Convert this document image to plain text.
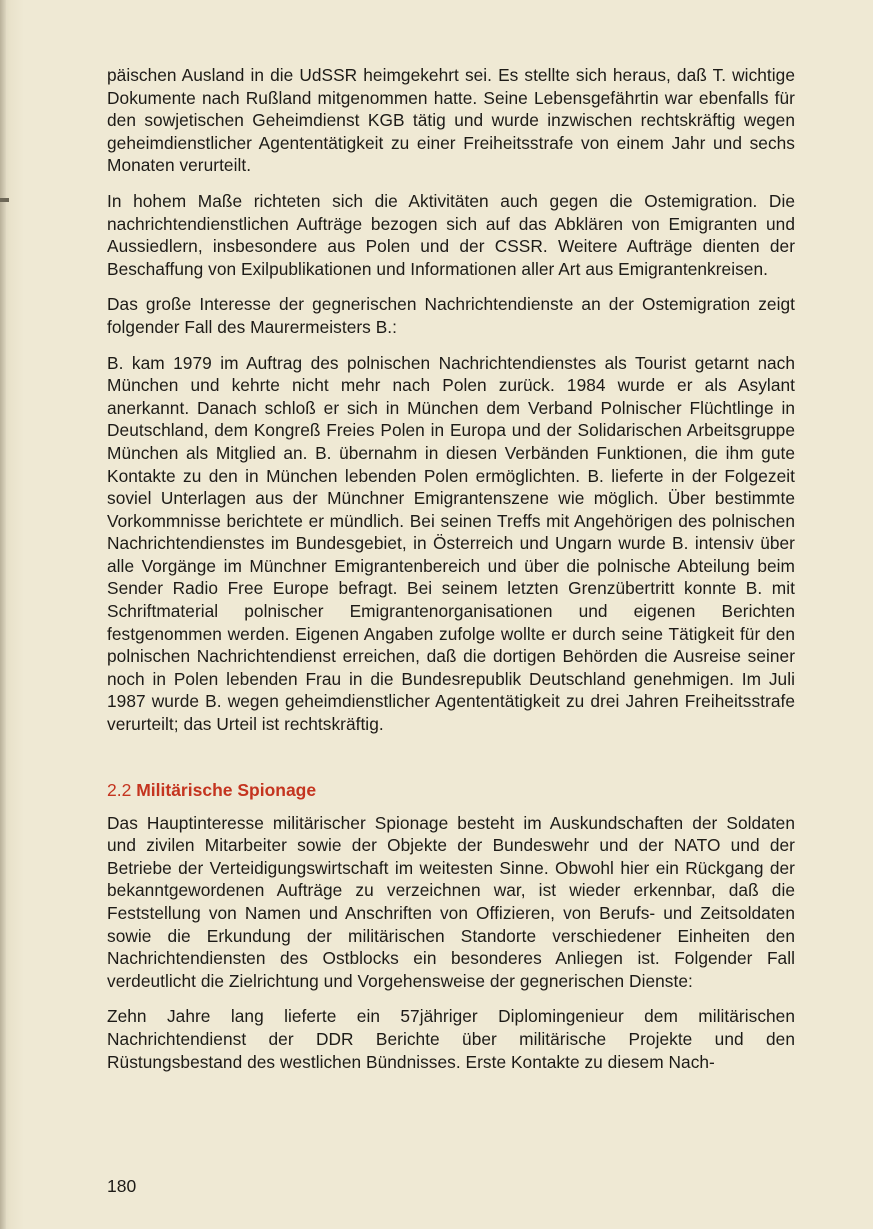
päischen Ausland in die UdSSR heimgekehrt sei. Es stellte sich heraus, daß T. wichtige Dokumente nach Rußland mitgenommen hatte. Seine Lebensgefährtin war ebenfalls für den sowjetischen Geheimdienst KGB tätig und wurde inzwischen rechtskräftig wegen geheimdienstlicher Agententätigkeit zu einer Freiheitsstrafe von einem Jahr und sechs Monaten verurteilt.

In hohem Maße richteten sich die Aktivitäten auch gegen die Ostemigration. Die nachrichtendienstlichen Aufträge bezogen sich auf das Abklären von Emigranten und Aussiedlern, insbesondere aus Polen und der CSSR. Weitere Aufträge dienten der Beschaffung von Exilpublikationen und Informationen aller Art aus Emigrantenkreisen.

Das große Interesse der gegnerischen Nachrichtendienste an der Ostemigration zeigt folgender Fall des Maurermeisters B.:

B. kam 1979 im Auftrag des polnischen Nachrichtendienstes als Tourist getarnt nach München und kehrte nicht mehr nach Polen zurück. 1984 wurde er als Asylant anerkannt. Danach schloß er sich in München dem Verband Polnischer Flüchtlinge in Deutschland, dem Kongreß Freies Polen in Europa und der Solidarischen Arbeitsgruppe München als Mitglied an. B. übernahm in diesen Verbänden Funktionen, die ihm gute Kontakte zu den in München lebenden Polen ermöglichten. B. lieferte in der Folgezeit soviel Unterlagen aus der Münchner Emigrantenszene wie möglich. Über bestimmte Vorkommnisse berichtete er mündlich. Bei seinen Treffs mit Angehörigen des polnischen Nachrichtendienstes im Bundesgebiet, in Österreich und Ungarn wurde B. intensiv über alle Vorgänge im Münchner Emigrantenbereich und über die polnische Abteilung beim Sender Radio Free Europe befragt. Bei seinem letzten Grenzübertritt konnte B. mit Schriftmaterial polnischer Emigrantenorganisationen und eigenen Berichten festgenommen werden. Eigenen Angaben zufolge wollte er durch seine Tätigkeit für den polnischen Nachrichtendienst erreichen, daß die dortigen Behörden die Ausreise seiner noch in Polen lebenden Frau in die Bundesrepublik Deutschland genehmigen. Im Juli 1987 wurde B. wegen geheimdienstlicher Agententätigkeit zu drei Jahren Freiheitsstrafe verurteilt; das Urteil ist rechtskräftig.

2.2 Militärische Spionage

Das Hauptinteresse militärischer Spionage besteht im Auskundschaften der Soldaten und zivilen Mitarbeiter sowie der Objekte der Bundeswehr und der NATO und der Betriebe der Verteidigungswirtschaft im weitesten Sinne. Obwohl hier ein Rückgang der bekanntgewordenen Aufträge zu verzeichnen war, ist wieder erkennbar, daß die Feststellung von Namen und Anschriften von Offizieren, von Berufs- und Zeitsoldaten sowie die Erkundung der militärischen Standorte verschiedener Einheiten den Nachrichtendiensten des Ostblocks ein besonderes Anliegen ist. Folgender Fall verdeutlicht die Zielrichtung und Vorgehensweise der gegnerischen Dienste:

Zehn Jahre lang lieferte ein 57jähriger Diplomingenieur dem militärischen Nachrichtendienst der DDR Berichte über militärische Projekte und den Rüstungsbestand des westlichen Bündnisses. Erste Kontakte zu diesem Nach-

180
